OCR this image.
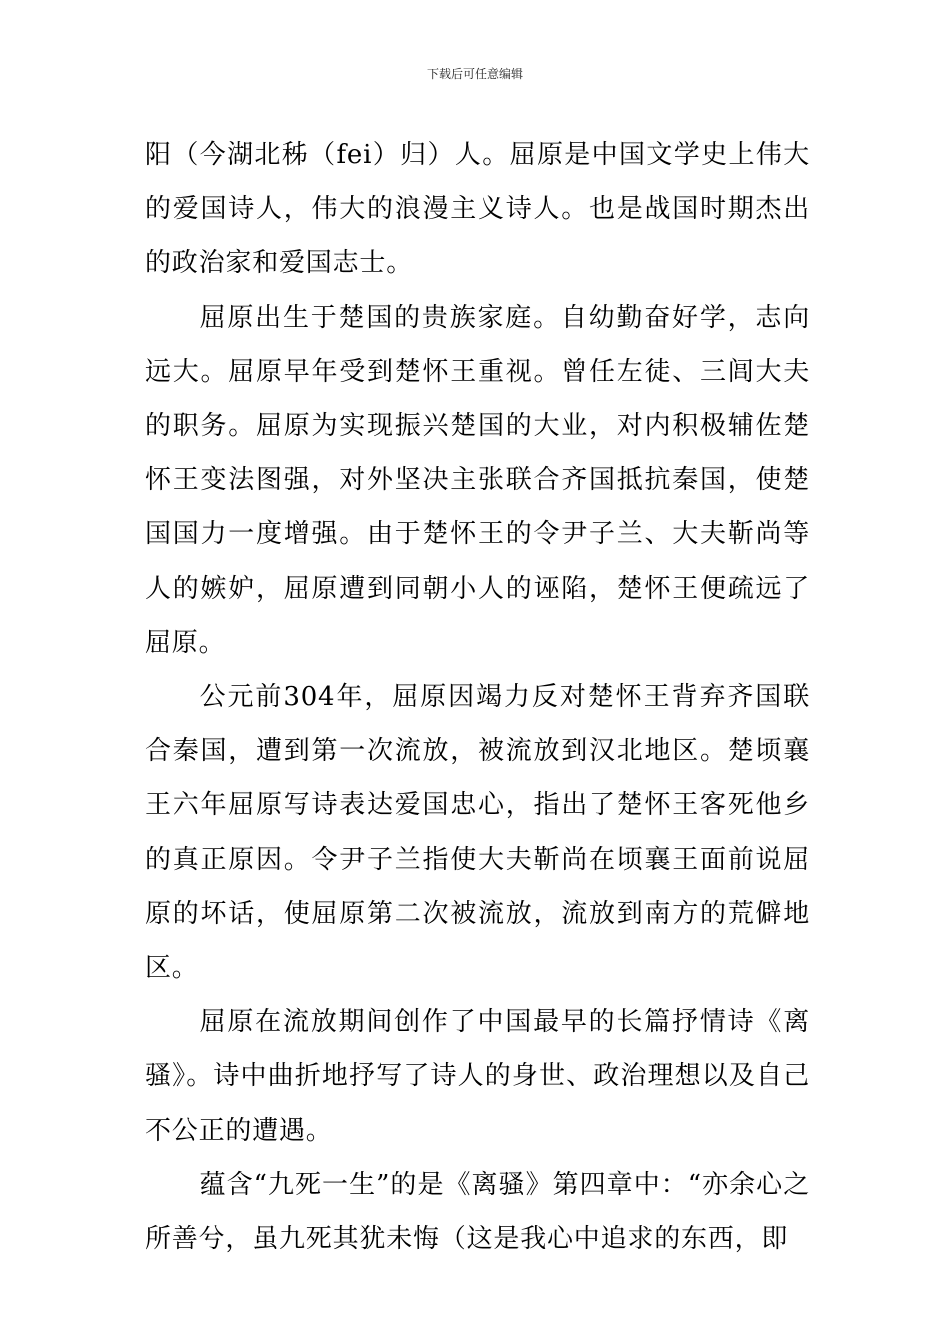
下载后可任意编辑

阳（今湖北秭（fei）归）人。屈原是中国文学史上伟大的爱国诗人，伟大的浪漫主义诗人。也是战国时期杰出的政治家和爱国志士。

屈原出生于楚国的贵族家庭。自幼勤奋好学，志向远大。屈原早年受到楚怀王重视。曾任左徒、三闾大夫的职务。屈原为实现振兴楚国的大业，对内积极辅佐楚怀王变法图强，对外坚决主张联合齐国抵抗秦国，使楚国国力一度增强。由于楚怀王的令尹子兰、大夫靳尚等人的嫉妒，屈原遭到同朝小人的诬陷，楚怀王便疏远了屈原。

公元前304年，屈原因竭力反对楚怀王背弃齐国联合秦国，遭到第一次流放，被流放到汉北地区。楚顷襄王六年屈原写诗表达爱国忠心，指出了楚怀王客死他乡的真正原因。令尹子兰指使大夫靳尚在顷襄王面前说屈原的坏话，使屈原第二次被流放，流放到南方的荒僻地区。

屈原在流放期间创作了中国最早的长篇抒情诗《离骚》。诗中曲折地抒写了诗人的身世、政治理想以及自己不公正的遭遇。

蕴含“九死一生”的是《离骚》第四章中：“亦余心之所善兮，虽九死其犹未悔（这是我心中追求的东西，即
